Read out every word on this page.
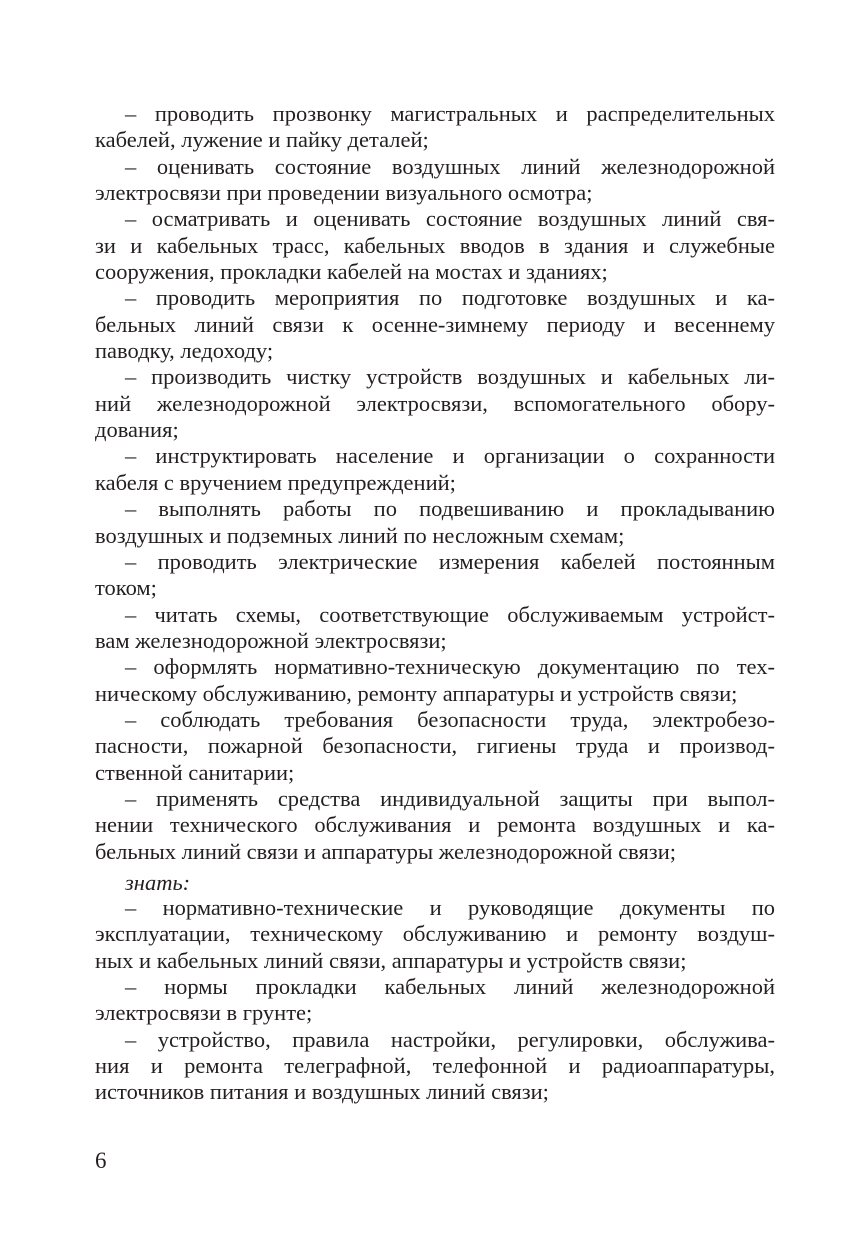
– проводить прозвонку магистральных и распределительных
кабелей, лужение и пайку деталей;
– оценивать состояние воздушных линий железнодорожной
электросвязи при проведении визуального осмотра;
– осматривать и оценивать состояние воздушных линий свя-
зи и кабельных трасс, кабельных вводов в здания и служебные
сооружения, прокладки кабелей на мостах и зданиях;
– проводить мероприятия по подготовке воздушных и ка-
бельных линий связи к осенне-зимнему периоду и весеннему
паводку, ледоходу;
– производить чистку устройств воздушных и кабельных ли-
ний железнодорожной электросвязи, вспомогательного обору-
дования;
– инструктировать население и организации о сохранности
кабеля с вручением предупреждений;
– выполнять работы по подвешиванию и прокладыванию
воздушных и подземных линий по несложным схемам;
– проводить электрические измерения кабелей постоянным
током;
– читать схемы, соответствующие обслуживаемым устройст-
вам железнодорожной электросвязи;
– оформлять нормативно-техническую документацию по тех-
ническому обслуживанию, ремонту аппаратуры и устройств связи;
– соблюдать требования безопасности труда, электробезо-
пасности, пожарной безопасности, гигиены труда и производ-
ственной санитарии;
– применять средства индивидуальной защиты при выпол-
нении технического обслуживания и ремонта воздушных и ка-
бельных линий связи и аппаратуры железнодорожной связи;
знать:
– нормативно-технические и руководящие документы по
эксплуатации, техническому обслуживанию и ремонту воздуш-
ных и кабельных линий связи, аппаратуры и устройств связи;
– нормы прокладки кабельных линий железнодорожной
электросвязи в грунте;
– устройство, правила настройки, регулировки, обслужива-
ния и ремонта телеграфной, телефонной и радиоаппаратуры,
источников питания и воздушных линий связи;
6
